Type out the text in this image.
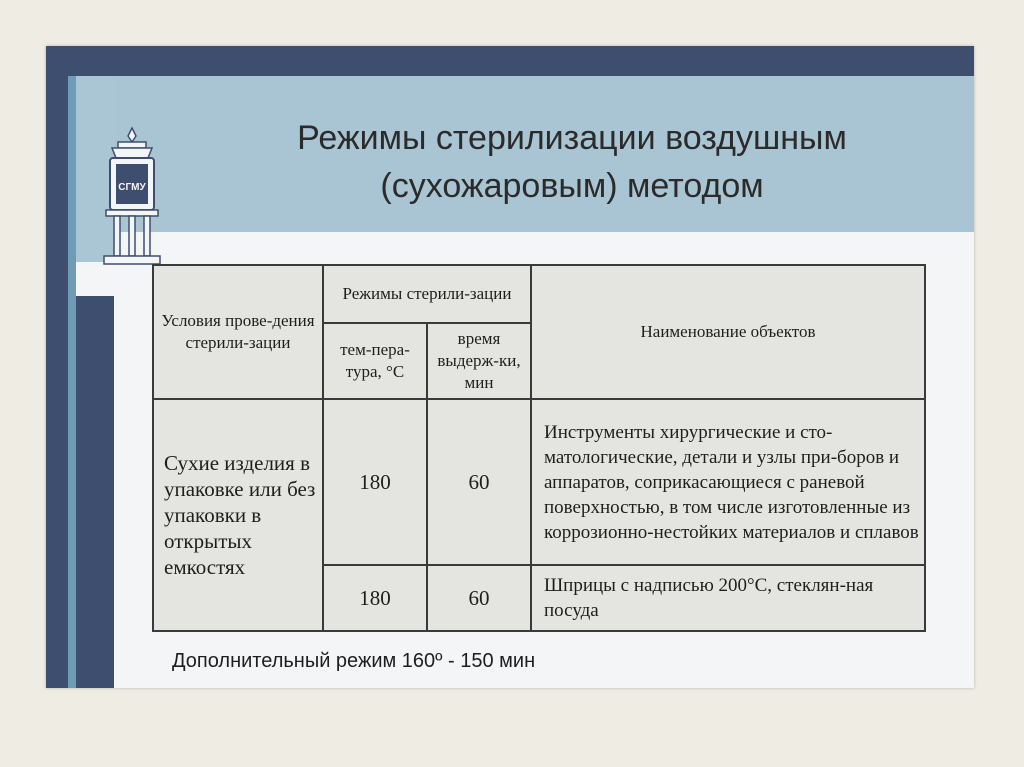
Режимы стерилизации воздушным
(сухожаровым) методом
СГМУ
Условия прове-дения стерили-зации	Режимы стерили-зации		Наименование объектов
	тем-пера-тура, °С	время выдерж-ки, мин	
Сухие изделия в упаковке или без упаковки в открытых емкостях	180	60	Инструменты хирургические и сто-матологические, детали и узлы при-боров и аппаратов, соприкасающиеся с раневой поверхностью, в том числе изготовленные из коррозионно-нестойких материалов и сплавов
	180	60	Шприцы с надписью 200°С, стеклян-ная посуда
Дополнительный режим 160º - 150 мин
